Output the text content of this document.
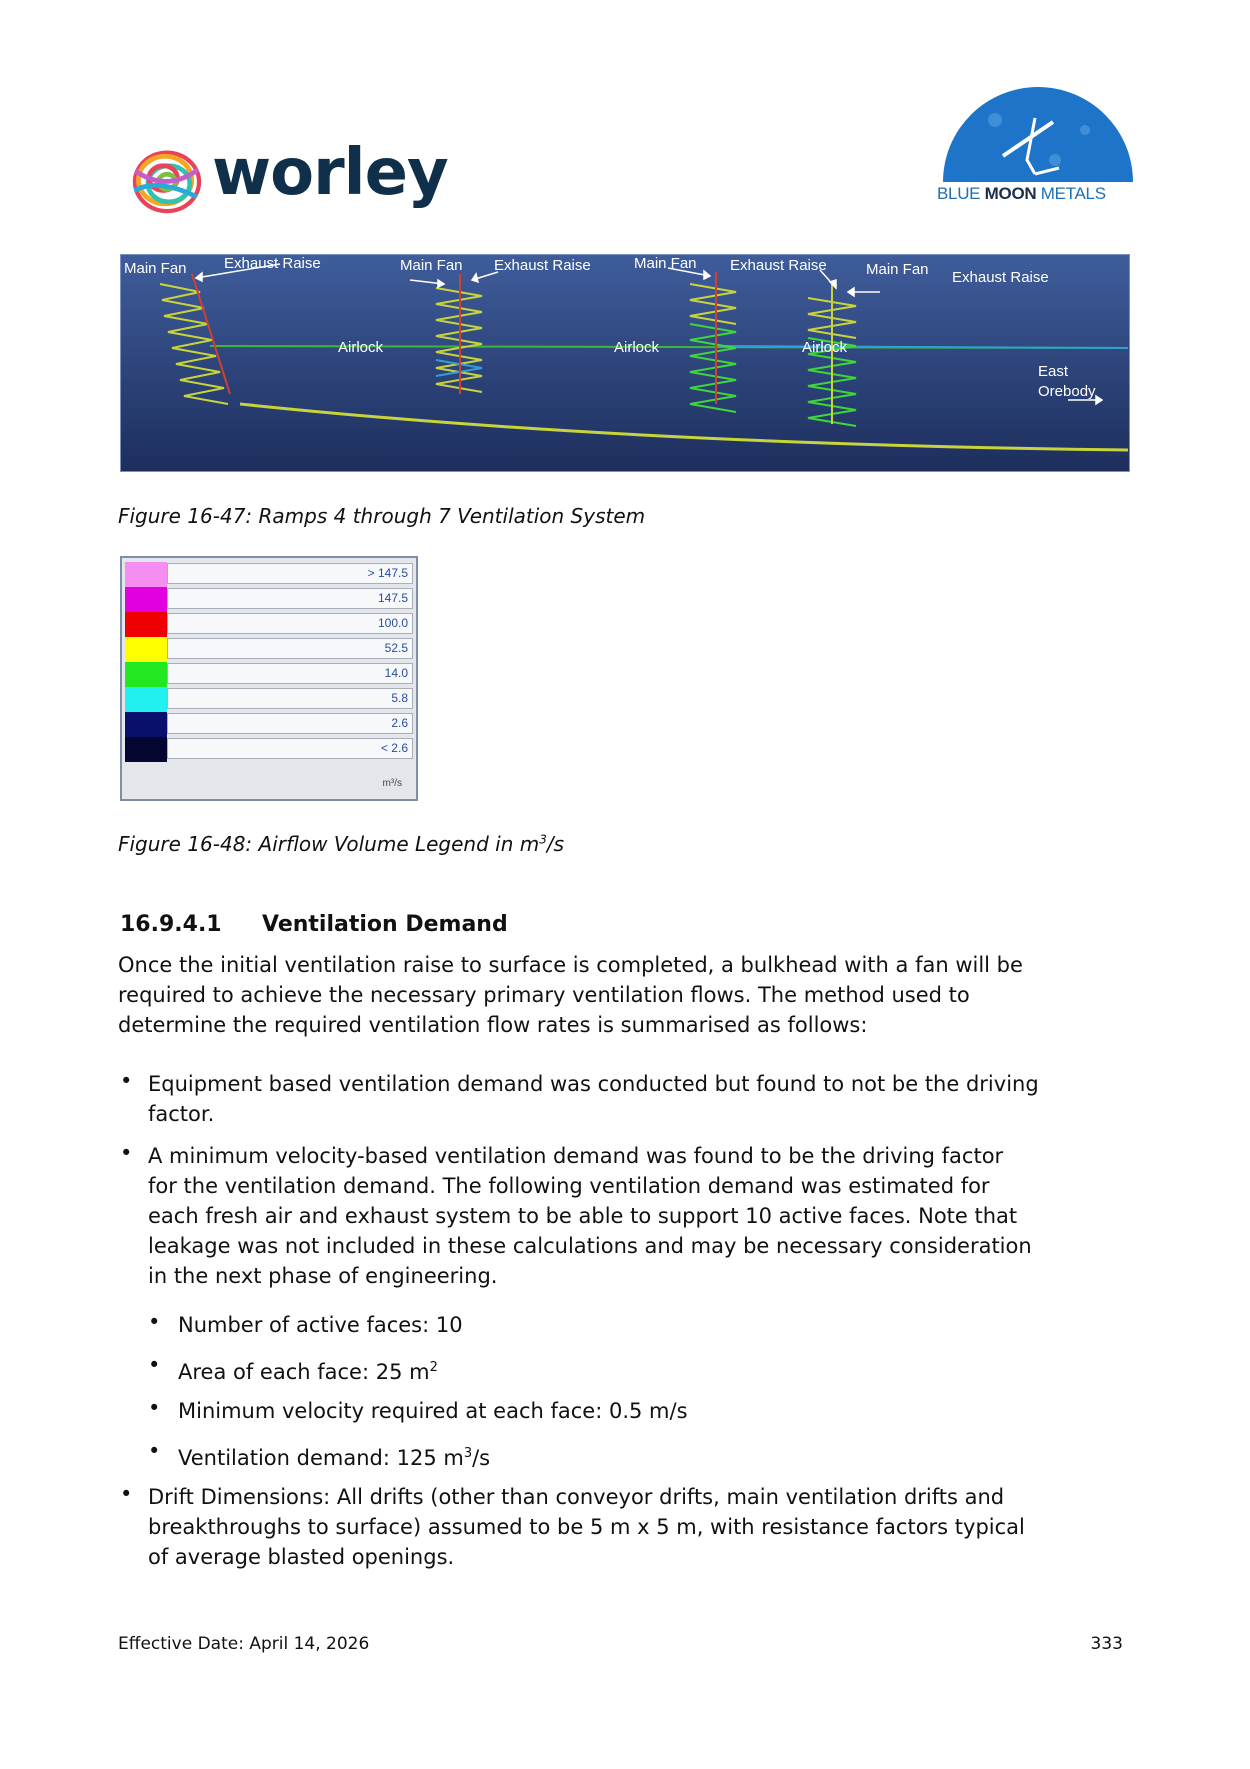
worley	BLUE MOON METALS
Main Fan Exhaust Raise	Main Fan Exhaust Raise	Main Fan Exhaust Raise	Main Fan Exhaust Raise
Airlock	Airlock	Airlock
East
Orebody
Figure 16-47: Ramps 4 through 7 Ventilation System
> 147.5
147.5
100.0
52.5
14.0
5.8
2.6
< 2.6
m³/s
Figure 16-48: Airflow Volume Legend in $m^3/s$
16.9.4.1 Ventilation Demand
Once the initial ventilation raise to surface is completed, a bulkhead with a fan will be
required to achieve the necessary primary ventilation flows. The method used to
determine the required ventilation flow rates is summarised as follows:
• Equipment based ventilation demand was conducted but found to not be the driving
factor.
• A minimum velocity-based ventilation demand was found to be the driving factor
for the ventilation demand. The following ventilation demand was estimated for
each fresh air and exhaust system to be able to support 10 active faces. Note that
leakage was not included in these calculations and may be necessary consideration
in the next phase of engineering.
• Number of active faces: 10
• Area of each face: 25 $m^2$
• Minimum velocity required at each face: 0.5 m/s
• Ventilation demand: 125 $m^3/s$
• Drift Dimensions: All drifts (other than conveyor drifts, main ventilation drifts and
breakthroughs to surface) assumed to be 5 m x 5 m, with resistance factors typical
of average blasted openings.
Effective Date: April 14, 2026	333
